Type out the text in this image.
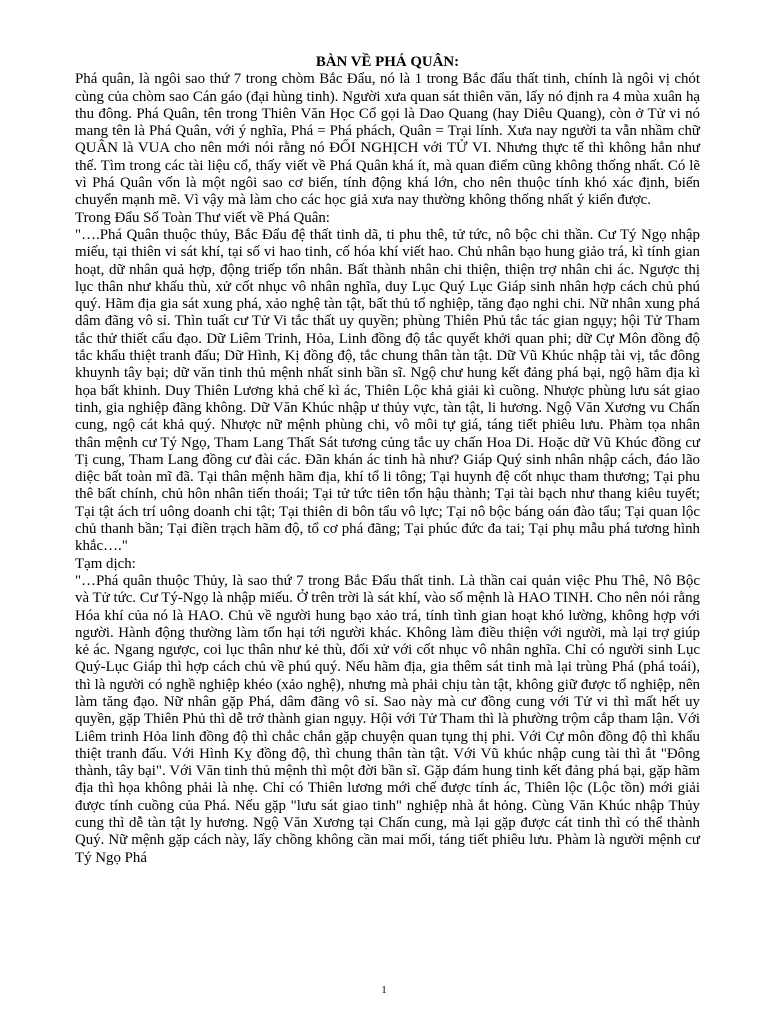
BÀN VỀ PHÁ QUÂN:

Phá quân, là ngôi sao thứ 7 trong chòm Bắc Đẩu, nó là 1 trong Bắc đẩu thất tinh, chính là ngôi vị chót cùng của chòm sao Cán gáo (đại hùng tinh). Người xưa quan sát thiên văn, lấy nó định ra 4 mùa xuân hạ thu đông. Phá Quân, tên trong Thiên Văn Học Cổ gọi là Dao Quang (hay Diêu Quang), còn ở Tử vi nó mang tên là Phá Quân, với ý nghĩa, Phá = Phá phách, Quân = Trại lính. Xưa nay người ta vẫn nhầm chữ QUÂN là VUA cho nên mới nói rằng nó ĐỐI NGHỊCH với TỬ VI. Nhưng thực tế thì không hẳn như thế. Tìm trong các tài liệu cổ, thấy viết về Phá Quân khá ít, mà quan điểm cũng không thống nhất. Có lẽ vì Phá Quân vốn là một ngôi sao cơ biến, tính động khá lớn, cho nên thuộc tính khó xác định, biến chuyển mạnh mẽ. Vì vậy mà làm cho các học giả xưa nay thường không thống nhất ý kiến được.

Trong Đẩu Số Toàn Thư viết về Phá Quân:

"….Phá Quân thuộc thủy, Bắc Đẩu đệ thất tinh dã, ti phu thê, tử tức, nô bộc chi thần. Cư Tý Ngọ nhập miếu, tại thiên vi sát khí, tại số vi hao tinh, cố hóa khí viết hao. Chủ nhân bạo hung giảo trá, kì tính gian hoạt, dữ nhân quả hợp, động triếp tổn nhân. Bất thành nhân chi thiện, thiện trợ nhân chi ác. Ngược thị lục thân như khấu thù, xử cốt nhục vô nhân nghĩa, duy Lục Quý Lục Giáp sinh nhân hợp cách chủ phú quý. Hãm địa gia sát xung phá, xảo nghệ tàn tật, bất thủ tổ nghiệp, tăng đạo nghi chi. Nữ nhân xung phá dâm đãng vô sỉ. Thìn tuất cư Tử Vi tắc thất uy quyền; phùng Thiên Phủ tắc tác gian ngụy; hội Tử Tham tắc thử thiết cẩu đạo. Dữ Liêm Trinh, Hỏa, Linh đồng độ tắc quyết khởi quan phi; dữ Cự Môn đồng độ tắc khẩu thiệt tranh đấu; Dữ Hình, Kị đồng độ, tắc chung thân tàn tật. Dữ Vũ Khúc nhập tài vị, tắc đông khuynh tây bại; dữ văn tinh thủ mệnh nhất sinh bần sĩ. Ngộ chư hung kết đảng phá bại, ngộ hãm địa kì họa bất khinh. Duy Thiên Lương khả chế kì ác, Thiên Lộc khả giải kì cuồng. Nhược phùng lưu sát giao tinh, gia nghiệp đãng không. Dữ Văn Khúc nhập ư thủy vực, tàn tật, li hương. Ngộ Văn Xương vu Chấn cung, ngộ cát khả quý. Nhược nữ mệnh phùng chi, vô môi tự giá, táng tiết phiêu lưu. Phàm tọa nhân thân mệnh cư Tý Ngọ, Tham Lang Thất Sát tương củng tắc uy chấn Hoa Di. Hoặc dữ Vũ Khúc đồng cư Tị cung, Tham Lang đồng cư đài các. Đãn khán ác tinh hà như? Giáp Quý sinh nhân nhập cách, đáo lão diệc bất toàn mĩ đã. Tại thân mệnh hãm địa, khí tổ li tông; Tại huynh đệ cốt nhục tham thương; Tại phu thê bất chính, chủ hôn nhân tiến thoái; Tại tử tức tiên tổn hậu thành; Tại tài bạch như thang kiêu tuyết; Tại tật ách trí uông doanh chi tật; Tại thiên di bôn tẩu vô lực; Tại nô bộc báng oán đào tẩu; Tại quan lộc chủ thanh bần; Tại điền trạch hãm độ, tổ cơ phá đãng; Tại phúc đức đa tai; Tại phụ mẫu phá tương hình khắc…."

Tạm dịch:

"…Phá quân thuộc Thủy, là sao thứ 7 trong Bắc Đẩu thất tinh. Là thần cai quản việc Phu Thê, Nô Bộc và Tử tức. Cư Tý-Ngọ là nhập miếu. Ở trên trời là sát khí, vào số mệnh là HAO TINH. Cho nên nói rằng Hóa khí của nó là HAO. Chủ về người hung bạo xảo trá, tính tình gian hoạt khó lường, không hợp với người. Hành động thường làm tổn hại tới người khác. Không làm điều thiện với người, mà lại trợ giúp kẻ ác. Ngang ngược, coi lục thân như kẻ thù, đối xử với cốt nhục vô nhân nghĩa. Chỉ có người sinh Lục Quý-Lục Giáp thì hợp cách chủ về phú quý. Nếu hãm địa, gia thêm sát tinh mà lại trùng Phá (phá toái), thì là người có nghề nghiệp khéo (xảo nghệ), nhưng mà phải chịu tàn tật, không giữ được tổ nghiệp, nên làm tăng đạo. Nữ nhân gặp Phá, dâm đãng vô sỉ. Sao này mà cư đồng cung với Tử vi thì mất hết uy quyền, gặp Thiên Phủ thì dễ trở thành gian ngụy. Hội với Tử Tham thì là phường trộm cắp tham lận. Với Liêm trinh Hỏa linh đồng độ thì chắc chắn gặp chuyện quan tụng thị phi. Với Cự môn đồng độ thì khẩu thiệt tranh đấu. Với Hình Kỵ đồng độ, thì chung thân tàn tật. Với Vũ khúc nhập cung tài thì ắt "Đông thành, tây bại". Với Văn tinh thủ mệnh thì một đời bần sĩ. Gặp đám hung tinh kết đảng phá bại, gặp hãm địa thì họa không phải là nhẹ. Chỉ có Thiên lương mới chế được tính ác, Thiên lộc (Lộc tồn) mới giải được tính cuồng của Phá. Nếu gặp "lưu sát giao tinh" nghiệp nhà ắt hỏng. Cùng Văn Khúc nhập Thủy cung thì dễ tàn tật ly hương. Ngộ Văn Xương tại Chấn cung, mà lại gặp được cát tinh thì có thể thành Quý. Nữ mệnh gặp cách này, lấy chồng không cần mai mối, táng tiết phiêu lưu. Phàm là người mệnh cư Tý Ngọ Phá

1
